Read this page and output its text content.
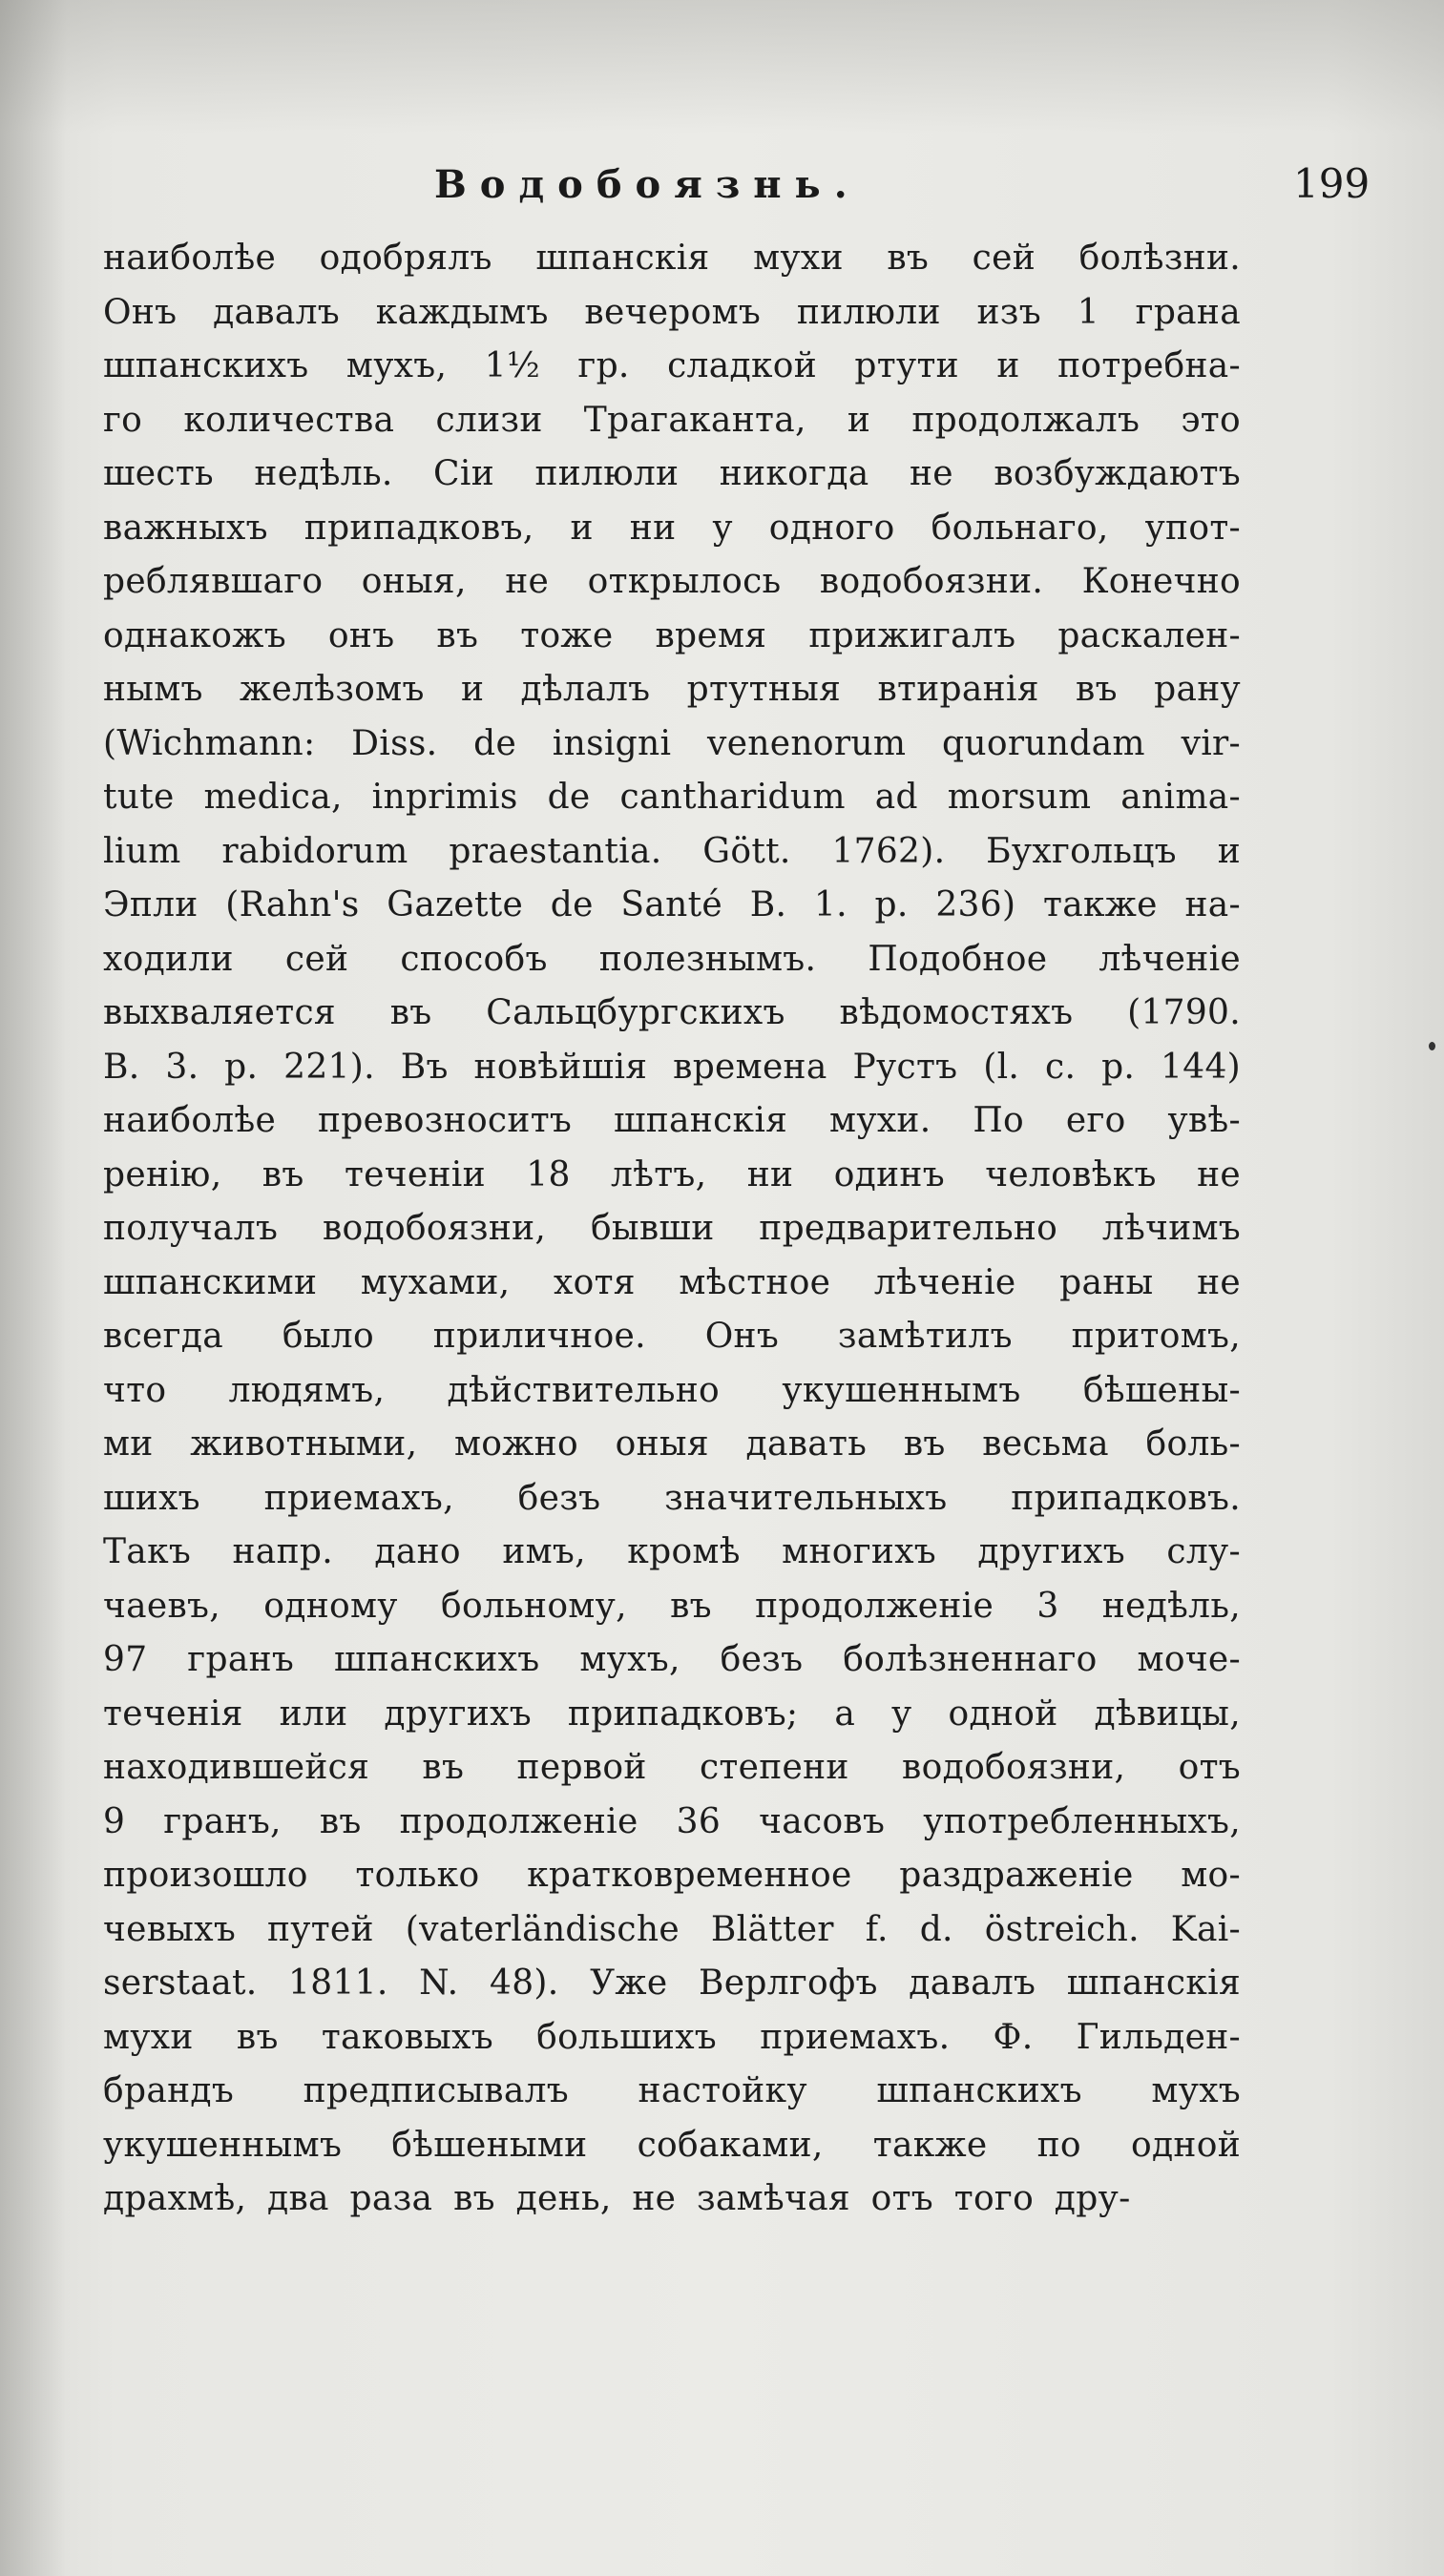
Водобоязнь.	199
наиболѣе одобрялъ шпанскія мухи въ сей болѣзни.
Онъ давалъ каждымъ вечеромъ пилюли изъ 1 грана
шпанскихъ мухъ, 1½ гр. сладкой ртути и потребна-
го количества слизи Трагаканта, и продолжалъ это
шесть недѣль. Сіи пилюли никогда не возбуждаютъ
важныхъ припадковъ, и ни у одного больнаго, упот-
реблявшаго оныя, не открылось водобоязни. Конечно
однакожъ онъ въ тоже время прижигалъ раскален-
нымъ желѣзомъ и дѣлалъ ртутныя втиранія въ рану
(Wichmann: Diss. de insigni venenorum quorundam vir-
tute medica, inprimis de cantharidum ad morsum anima-
lium rabidorum praestantia. Gött. 1762). Бухгольцъ и
Эпли (Rahn's Gazette de Santé B. 1. p. 236) также на-
ходили сей способъ полезнымъ. Подобное лѣченіе
выхваляется въ Сальцбургскихъ вѣдомостяхъ (1790.
B. 3. p. 221). Въ новѣйшія времена Рустъ (l. c. p. 144)
наиболѣе превозноситъ шпанскія мухи. По его увѣ-
ренію, въ теченіи 18 лѣтъ, ни одинъ человѣкъ не
получалъ водобоязни, бывши предварительно лѣчимъ
шпанскими мухами, хотя мѣстное лѣченіе раны не
всегда было приличное. Онъ замѣтилъ притомъ,
что людямъ, дѣйствительно укушеннымъ бѣшены-
ми животными, можно оныя давать въ весьма боль-
шихъ приемахъ, безъ значительныхъ припадковъ.
Такъ напр. дано имъ, кромѣ многихъ другихъ слу-
чаевъ, одному больному, въ продолженіе 3 недѣль,
97 гранъ шпанскихъ мухъ, безъ болѣзненнаго моче-
теченія или другихъ припадковъ; а у одной дѣвицы,
находившейся въ первой степени водобоязни, отъ
9 гранъ, въ продолженіе 36 часовъ употребленныхъ,
произошло только кратковременное раздраженіе мо-
чевыхъ путей (vaterländische Blätter f. d. östreich. Kai-
serstaat. 1811. N. 48). Уже Верлгофъ давалъ шпанскія
мухи въ таковыхъ большихъ приемахъ. Ф. Гильден-
брандъ предписывалъ настойку шпанскихъ мухъ
укушеннымъ бѣшеными собаками, также по одной
драхмѣ, два раза въ день, не замѣчая отъ того дру-
